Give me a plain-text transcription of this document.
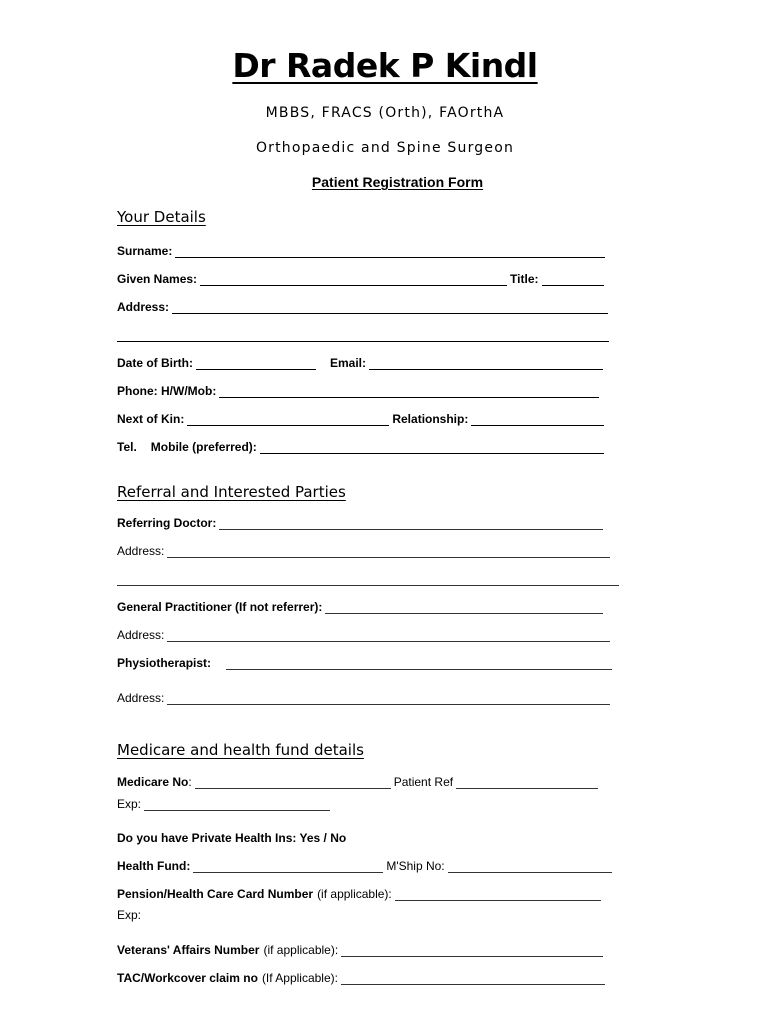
Dr Radek P Kindl
MBBS, FRACS (Orth), FAOrthA
Orthopaedic and Spine Surgeon
Patient Registration Form
Your Details
Surname:
Given Names:	Title:
Address:
Date of Birth:	Email:
Phone: H/W/Mob:
Next of Kin:	Relationship:
Tel. Mobile (preferred):
Referral and Interested Parties
Referring Doctor:
Address:
General Practitioner (If not referrer):
Address:
Physiotherapist:
Address:
Medicare and health fund details
Medicare No :	Patient Ref
Exp:
Do you have Private Health Ins: Yes / No
Health Fund:	M'Ship No:
Pension/Health Care Card Number (if applicable):
Exp:
Veterans' Affairs Number (if applicable):
TAC/Workcover claim no (If Applicable):
